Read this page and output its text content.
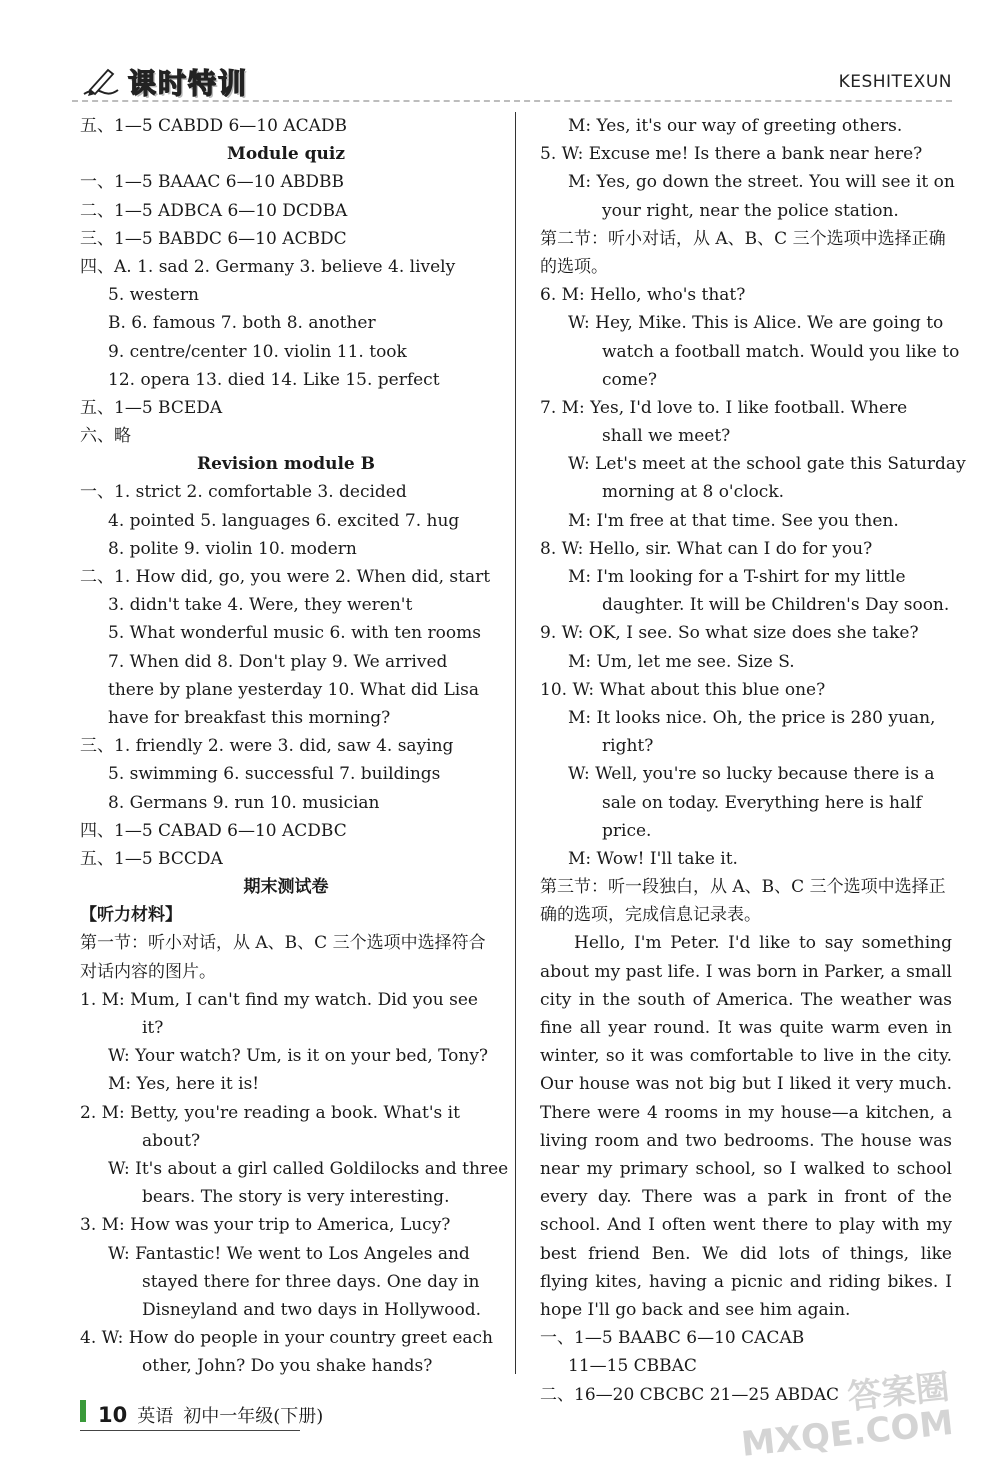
课时特训	KESHITEXUN
五、1—5 CABDD 6—10 ACADB
Module quiz
一、1—5 BAAAC 6—10 ABDBB
二、1—5 ADBCA 6—10 DCDBA
三、1—5 BABDC 6—10 ACBDC
四、A. 1. sad 2. Germany 3. believe 4. lively
5. western
B. 6. famous 7. both 8. another
9. centre/center 10. violin 11. took
12. opera 13. died 14. Like 15. perfect
五、1—5 BCEDA
六、略
Revision module B
一、1. strict 2. comfortable 3. decided
4. pointed 5. languages 6. excited 7. hug
8. polite 9. violin 10. modern
二、1. How did, go, you were 2. When did, start
3. didn't take 4. Were, they weren't
5. What wonderful music 6. with ten rooms
7. When did 8. Don't play 9. We arrived
there by plane yesterday 10. What did Lisa
have for breakfast this morning?
三、1. friendly 2. were 3. did, saw 4. saying
5. swimming 6. successful 7. buildings
8. Germans 9. run 10. musician
四、1—5 CABAD 6—10 ACDBC
五、1—5 BCCDA
期末测试卷
【听力材料】
第一节：听小对话，从 A、B、C 三个选项中选择符合
对话内容的图片。
1. M: Mum, I can't find my watch. Did you see
it?
W: Your watch? Um, is it on your bed, Tony?
M: Yes, here it is!
2. M: Betty, you're reading a book. What's it
about?
W: It's about a girl called Goldilocks and three
bears. The story is very interesting.
3. M: How was your trip to America, Lucy?
W: Fantastic! We went to Los Angeles and
stayed there for three days. One day in
Disneyland and two days in Hollywood.
4. W: How do people in your country greet each
other, John? Do you shake hands?
M: Yes, it's our way of greeting others.
5. W: Excuse me! Is there a bank near here?
M: Yes, go down the street. You will see it on
your right, near the police station.
第二节：听小对话，从 A、B、C 三个选项中选择正确
的选项。
6. M: Hello, who's that?
W: Hey, Mike. This is Alice. We are going to
watch a football match. Would you like to
come?
7. M: Yes, I'd love to. I like football. Where
shall we meet?
W: Let's meet at the school gate this Saturday
morning at 8 o'clock.
M: I'm free at that time. See you then.
8. W: Hello, sir. What can I do for you?
M: I'm looking for a T-shirt for my little
daughter. It will be Children's Day soon.
9. W: OK, I see. So what size does she take?
M: Um, let me see. Size S.
10. W: What about this blue one?
M: It looks nice. Oh, the price is 280 yuan,
right?
W: Well, you're so lucky because there is a
sale on today. Everything here is half
price.
M: Wow! I'll take it.
第三节：听一段独白，从 A、B、C 三个选项中选择正
确的选项，完成信息记录表。
Hello, I'm Peter. I'd like to say something about my past life. I was born in Parker, a small city in the south of America. The weather was fine all year round. It was quite warm even in winter, so it was comfortable to live in the city. Our house was not big but I liked it very much. There were 4 rooms in my house—a kitchen, a living room and two bedrooms. The house was near my primary school, so I walked to school every day. There was a park in front of the school. And I often went there to play with my best friend Ben. We did lots of things, like flying kites, having a picnic and riding bikes. I hope I'll go back and see him again.
一、1—5 BAABC 6—10 CACAB
11—15 CBBAC
二、16—20 CBCBC 21—25 ABDAC
10 英语 初中一年级(下册)	答案圈
MXQE.COM
